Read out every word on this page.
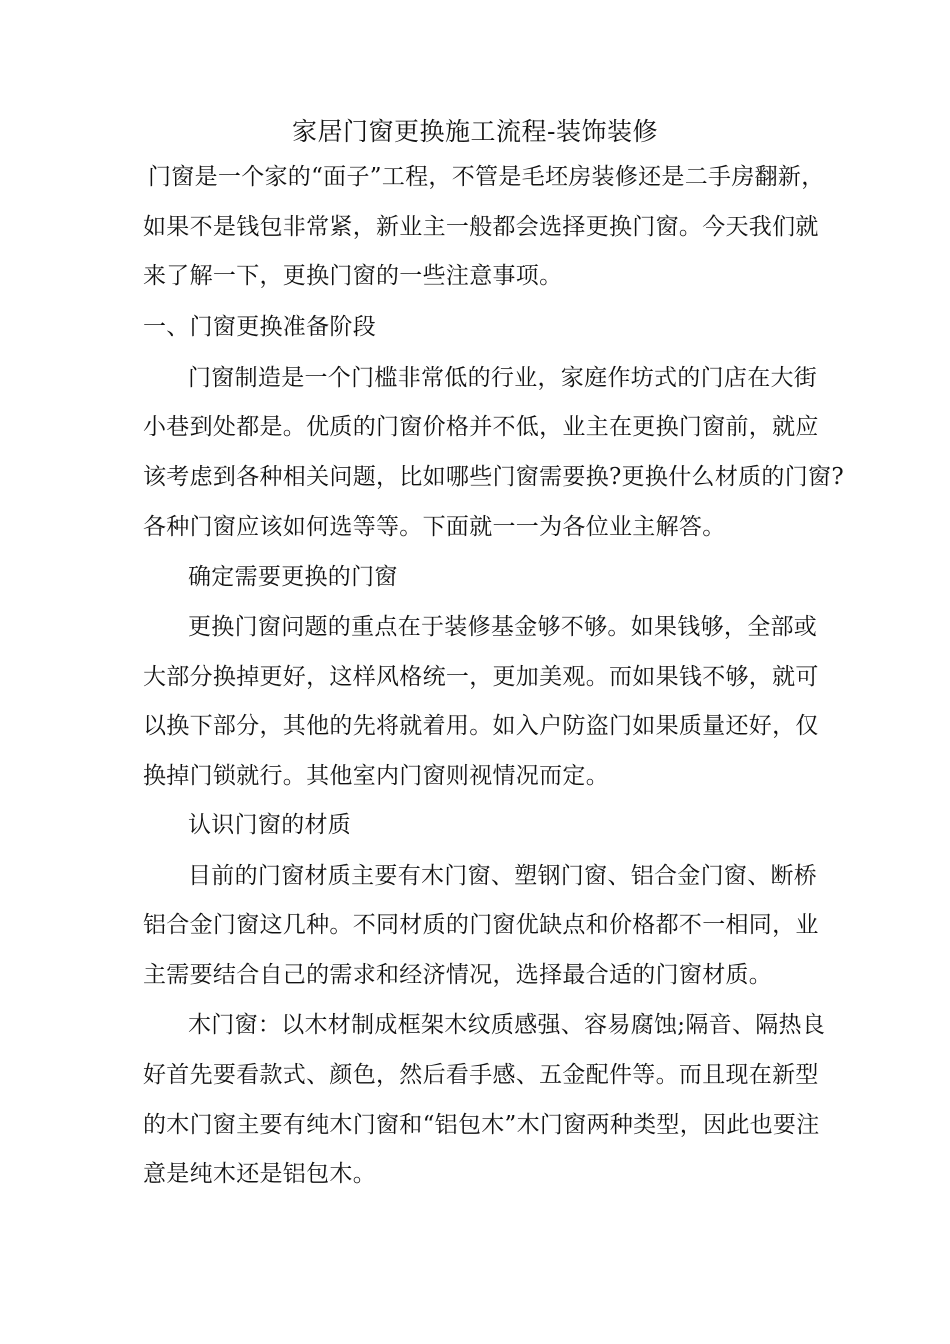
家居门窗更换施工流程-装饰装修
门窗是一个家的“面子”工程，不管是毛坯房装修还是二手房翻新，
如果不是钱包非常紧，新业主一般都会选择更换门窗。今天我们就
来了解一下，更换门窗的一些注意事项。
一、门窗更换准备阶段
门窗制造是一个门槛非常低的行业，家庭作坊式的门店在大街
小巷到处都是。优质的门窗价格并不低，业主在更换门窗前，就应
该考虑到各种相关问题，比如哪些门窗需要换?更换什么材质的门窗?
各种门窗应该如何选等等。下面就一一为各位业主解答。
确定需要更换的门窗
更换门窗问题的重点在于装修基金够不够。如果钱够，全部或
大部分换掉更好，这样风格统一，更加美观。而如果钱不够，就可
以换下部分，其他的先将就着用。如入户防盗门如果质量还好，仅
换掉门锁就行。其他室内门窗则视情况而定。
认识门窗的材质
目前的门窗材质主要有木门窗、塑钢门窗、铝合金门窗、断桥
铝合金门窗这几种。不同材质的门窗优缺点和价格都不一相同，业
主需要结合自己的需求和经济情况，选择最合适的门窗材质。
木门窗：以木材制成框架木纹质感强、容易腐蚀;隔音、隔热良
好首先要看款式、颜色，然后看手感、五金配件等。而且现在新型
的木门窗主要有纯木门窗和“铝包木”木门窗两种类型，因此也要注
意是纯木还是铝包木。
